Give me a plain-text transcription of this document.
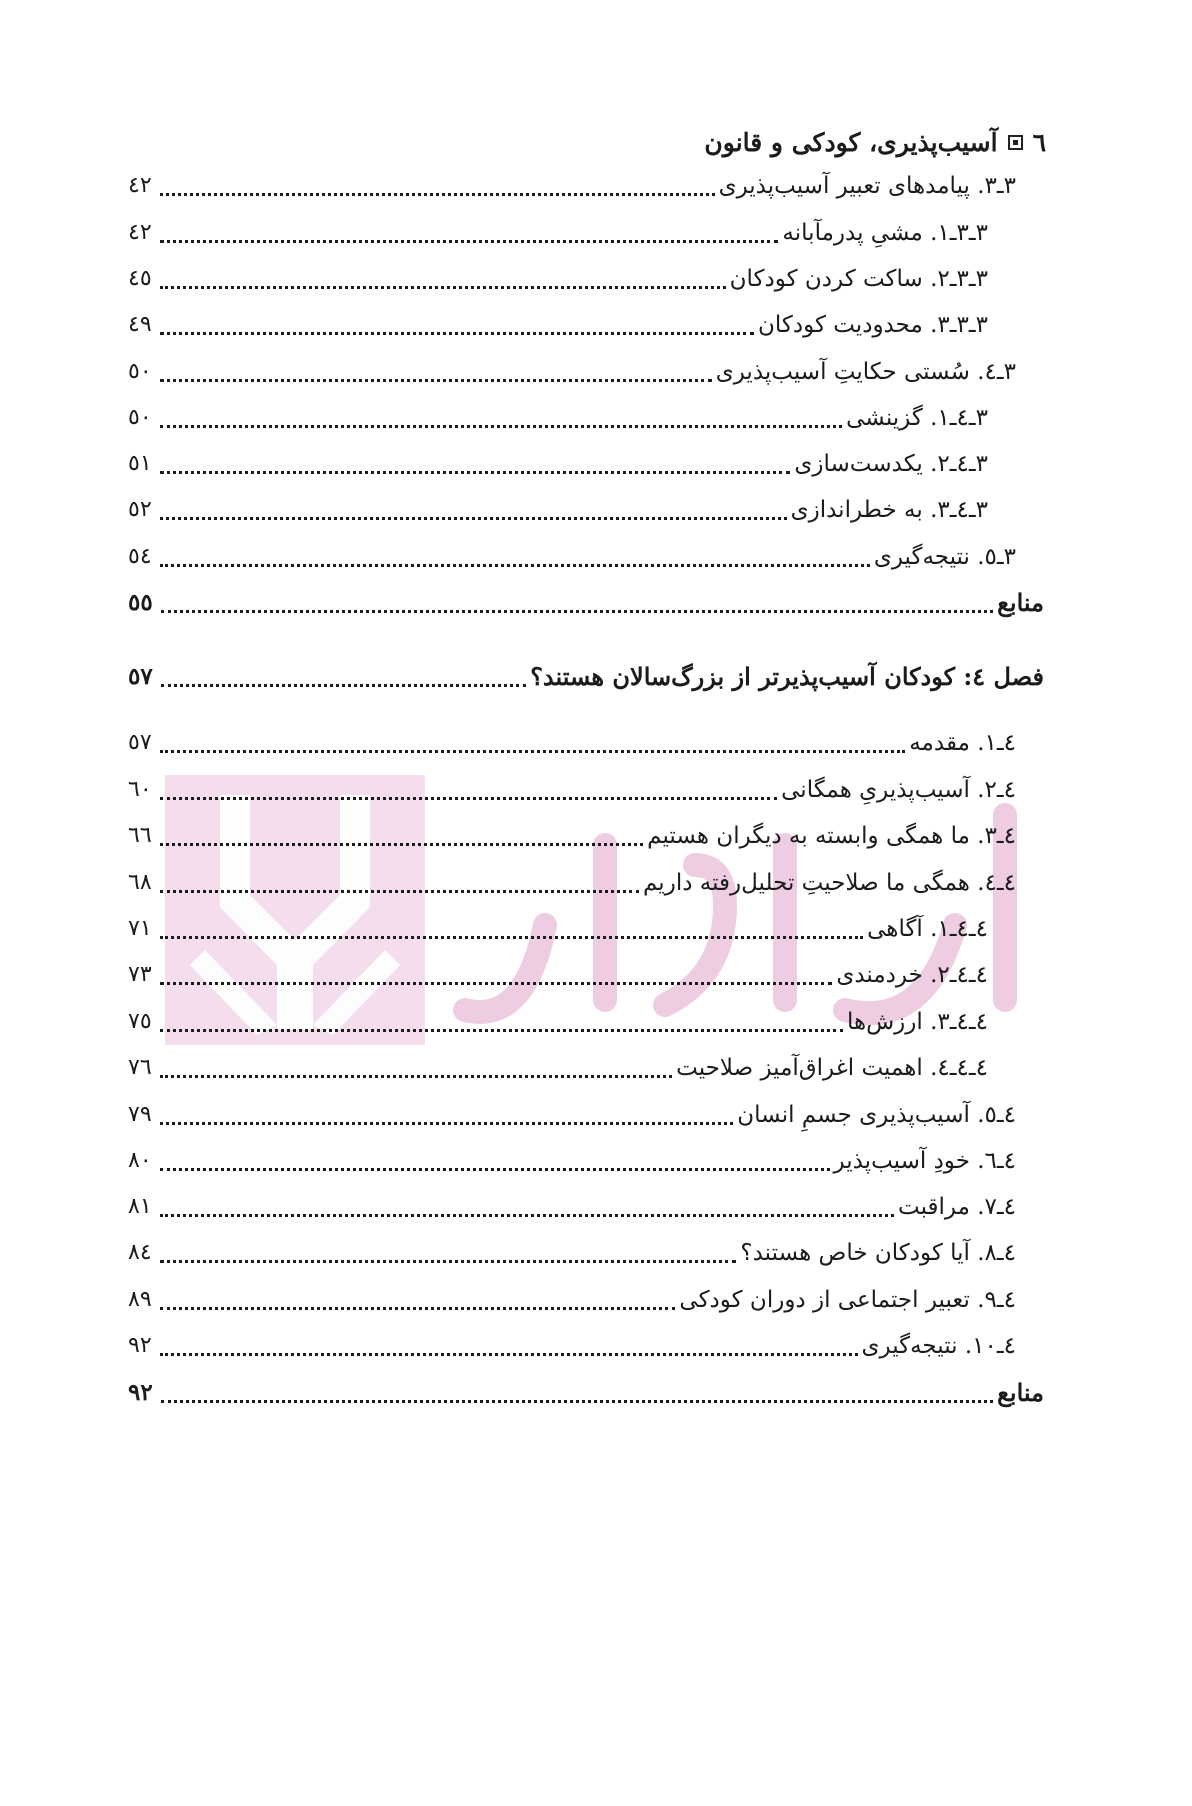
٦
آسیب‌پذیری، کودکی و قانون
٣ـ٣. پیامدهای تعبیر آسیب‌پذیری
٤٢
٣ـ٣ـ١. مشیِ پدرمآبانه
٤٢
٣ـ٣ـ٢. ساکت کردن کودکان
٤٥
٣ـ٣ـ٣. محدودیت کودکان
٤٩
٣ـ٤. سُستی حکایتِ آسیب‌پذیری
٥٠
٣ـ٤ـ١. گزینشی
٥٠
٣ـ٤ـ٢. یکدست‌سازی
٥١
٣ـ٤ـ٣. به خطراندازی
٥٢
٣ـ٥. نتیجه‌گیری
٥٤
منابع
٥٥
فصل ٤: کودکان آسیب‌پذیرتر از بزرگ‌سالان هستند؟
٥٧
٤ـ١. مقدمه
٥٧
٤ـ٢. آسیب‌پذیریِ همگانی
٦٠
٤ـ٣. ما همگی وابسته به دیگران هستیم
٦٦
٤ـ٤. همگی ما صلاحیتِ تحلیل‌رفته داریم
٦٨
٤ـ٤ـ١. آگاهی
٧١
٤ـ٤ـ٢. خردمندی
٧٣
٤ـ٤ـ٣. ارزش‌ها
٧٥
٤ـ٤ـ٤. اهمیت اغراق‌آمیز صلاحیت
٧٦
٤ـ٥. آسیب‌پذیری جسمِ انسان
٧٩
٤ـ٦. خودِ آسیب‌پذیر
٨٠
٤ـ٧. مراقبت
٨١
٤ـ٨. آیا کودکان خاص هستند؟
٨٤
٤ـ٩. تعبیر اجتماعی از دوران کودکی
٨٩
٤ـ١٠. نتیجه‌گیری
٩٢
منابع
٩٢
